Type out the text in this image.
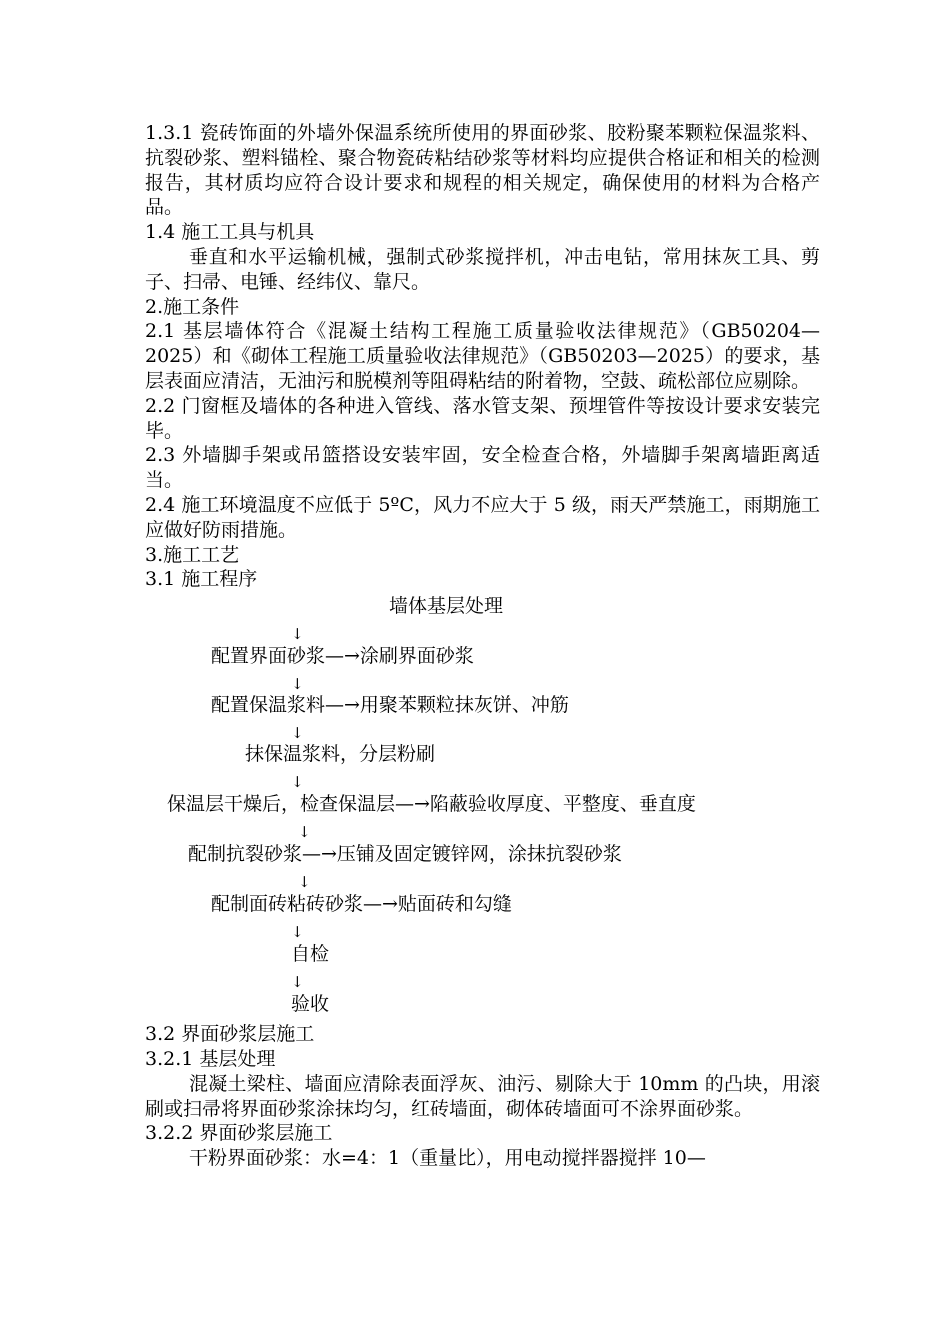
1.3.1 瓷砖饰面的外墙外保温系统所使用的界面砂浆、胶粉聚苯颗粒保温浆料、抗裂砂浆、塑料锚栓、聚合物瓷砖粘结砂浆等材料均应提供合格证和相关的检测报告，其材质均应符合设计要求和规程的相关规定，确保使用的材料为合格产品。

1.4 施工工具与机具

垂直和水平运输机械，强制式砂浆搅拌机，冲击电钻，常用抹灰工具、剪子、扫帚、电锤、经纬仪、靠尺。

2.施工条件

2.1 基层墙体符合《混凝土结构工程施工质量验收法律规范》（GB50204—2025）和《砌体工程施工质量验收法律规范》（GB50203—2025）的要求，基层表面应清洁，无油污和脱模剂等阻碍粘结的附着物，空鼓、疏松部位应剔除。

2.2 门窗框及墙体的各种进入管线、落水管支架、预埋管件等按设计要求安装完毕。

2.3 外墙脚手架或吊篮搭设安装牢固，安全检查合格，外墙脚手架离墙距离适当。

2.4 施工环境温度不应低于 5ºC，风力不应大于 5 级，雨天严禁施工，雨期施工应做好防雨措施。

3.施工工艺

3.1 施工程序

墙体基层处理
↓
配置界面砂浆—→涂刷界面砂浆
↓
配置保温浆料—→用聚苯颗粒抹灰饼、冲筋
↓
抹保温浆料，分层粉刷
↓
保温层干燥后，检查保温层—→陷蔽验收厚度、平整度、垂直度
↓
配制抗裂砂浆—→压铺及固定镀锌网，涂抹抗裂砂浆
↓
配制面砖粘砖砂浆—→贴面砖和勾缝
↓
自检
↓
验收

3.2 界面砂浆层施工

3.2.1 基层处理

混凝土梁柱、墙面应清除表面浮灰、油污、剔除大于 10mm 的凸块，用滚刷或扫帚将界面砂浆涂抹均匀，红砖墙面，砌体砖墙面可不涂界面砂浆。

3.2.2 界面砂浆层施工

干粉界面砂浆：水=4：1（重量比），用电动搅拌器搅拌 10—
